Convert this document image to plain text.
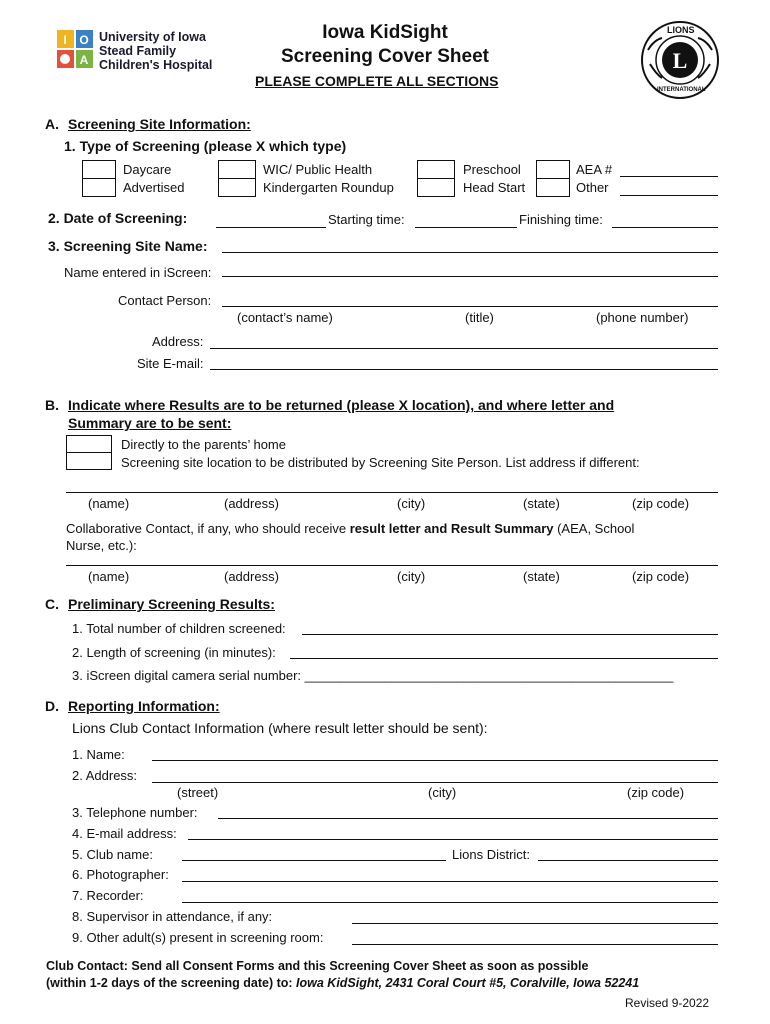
I O
A
University of Iowa
Stead Family
Children's Hospital
Iowa KidSight
Screening Cover Sheet
PLEASE COMPLETE ALL SECTIONS
L
LIONS
INTERNATIONAL
A. Screening Site Information:
1. Type of Screening (please X which type)
Daycare
Advertised
WIC/ Public Health
Kindergarten Roundup
Preschool
Head Start
AEA #
Other
2. Date of Screening:	Starting time:	Finishing time:
3. Screening Site Name:
Name entered in iScreen:
Contact Person:
(contact’s name)	(title)	(phone number)
Address:
Site E-mail:
B. Indicate where Results are to be returned (please X location), and where letter and
Summary are to be sent:
Directly to the parents’ home
Screening site location to be distributed by Screening Site Person. List address if different:
(name)	(address)	(city)	(state)	(zip code)
Collaborative Contact, if any, who should receive result letter and Result Summary (AEA, School
Nurse, etc.):
(name)	(address)	(city)	(state)	(zip code)
C. Preliminary Screening Results:
1. Total number of children screened:
2. Length of screening (in minutes):
3. iScreen digital camera serial number: ___________________________________________________
D. Reporting Information:
Lions Club Contact Information (where result letter should be sent):
1. Name:
2. Address:
(street)	(city)	(zip code)
3. Telephone number:
4. E-mail address:
5. Club name:	Lions District:
6. Photographer:
7. Recorder:
8. Supervisor in attendance, if any:
9. Other adult(s) present in screening room:
Club Contact: Send all Consent Forms and this Screening Cover Sheet as soon as possible
(within 1-2 days of the screening date) to: Iowa KidSight, 2431 Coral Court #5, Coralville, Iowa 52241
Revised 9-2022
